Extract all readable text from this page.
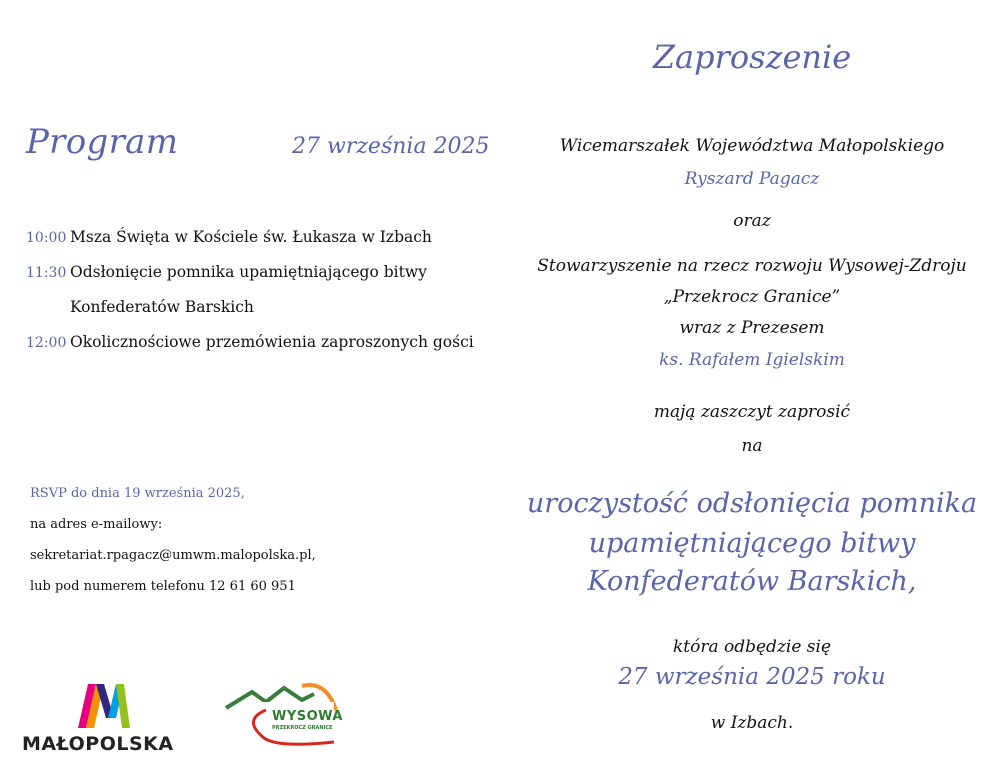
Program	27 września 2025
10:00 Msza Święta w Kościele św. Łukasza w Izbach
11:30 Odsłonięcie pomnika upamiętniającego bitwy
Konfederatów Barskich
12:00 Okolicznościowe przemówienia zaproszonych gości
RSVP do dnia 19 września 2025,
na adres e-mailowy:
sekretariat.rpagacz@umwm.malopolska.pl,
lub pod numerem telefonu 12 61 60 951
MAŁOPOLSKA
WYSOWA
PRZEKROCZ GRANICE
Zaproszenie
Wicemarszałek Województwa Małopolskiego
Ryszard Pagacz
oraz
Stowarzyszenie na rzecz rozwoju Wysowej-Zdroju
„Przekrocz Granice”
wraz z Prezesem
ks. Rafałem Igielskim
mają zaszczyt zaprosić
na
uroczystość odsłonięcia pomnika
upamiętniającego bitwy
Konfederatów Barskich,
która odbędzie się
27 września 2025 roku
w Izbach.
